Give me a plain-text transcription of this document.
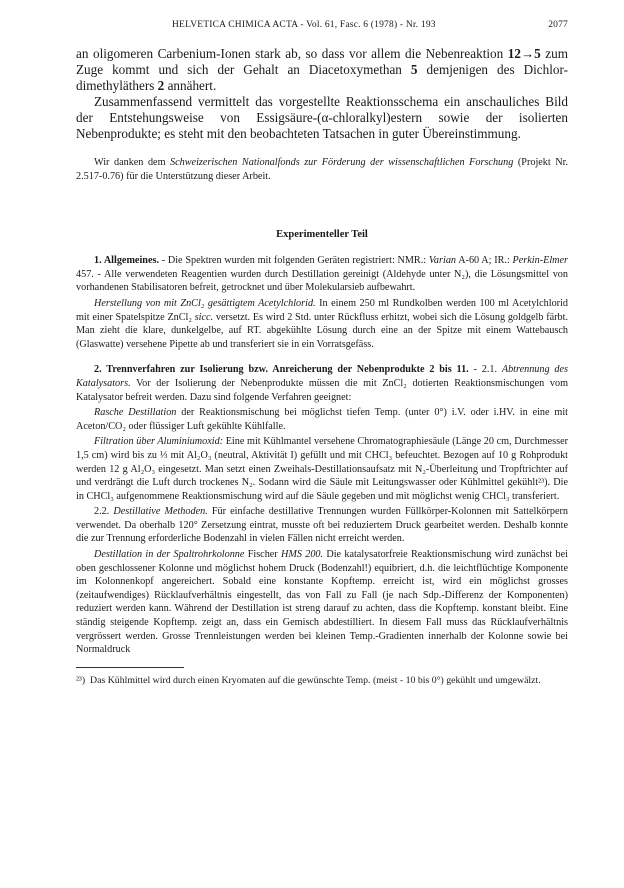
HELVETICA CHIMICA ACTA - Vol. 61, Fasc. 6 (1978) - Nr. 193	2077

an oligomeren Carbenium-Ionen stark ab, so dass vor allem die Nebenreaktion 12→5 zum Zuge kommt und sich der Gehalt an Diacetoxymethan 5 demjenigen des Dichlor-dimethyläthers 2 annähert.

Zusammenfassend vermittelt das vorgestellte Reaktionsschema ein anschauliches Bild der Entstehungsweise von Essigsäure-(α-chloralkyl)estern sowie der isolierten Nebenprodukte; es steht mit den beobachteten Tatsachen in guter Übereinstimmung.

Wir danken dem Schweizerischen Nationalfonds zur Förderung der wissenschaftlichen Forschung (Projekt Nr. 2.517-0.76) für die Unterstützung dieser Arbeit.

Experimenteller Teil

1. Allgemeines. - Die Spektren wurden mit folgenden Geräten registriert: NMR.: Varian A-60 A; IR.: Perkin-Elmer 457. - Alle verwendeten Reagentien wurden durch Destillation gereinigt (Aldehyde unter N₂), die Lösungsmittel von vorhandenen Stabilisatoren befreit, getrocknet und über Molekularsieb aufbewahrt.

Herstellung von mit ZnCl₂ gesättigtem Acetylchlorid. In einem 250 ml Rundkolben werden 100 ml Acetylchlorid mit einer Spatelspitze ZnCl₂ sicc. versetzt. Es wird 2 Std. unter Rückfluss erhitzt, wobei sich die Lösung goldgelb färbt. Man zieht die klare, dunkelgelbe, auf RT. abgekühlte Lösung durch eine an der Spitze mit einem Wattebausch (Glaswatte) versehene Pipette ab und transferiert sie in ein Vorratsgefäss.

2. Trennverfahren zur Isolierung bzw. Anreicherung der Nebenprodukte 2 bis 11. - 2.1. Abtrennung des Katalysators. Vor der Isolierung der Nebenprodukte müssen die mit ZnCl₂ dotierten Reaktionsmischungen vom Katalysator befreit werden. Dazu sind folgende Verfahren geeignet:

Rasche Destillation der Reaktionsmischung bei möglichst tiefen Temp. (unter 0°) i.V. oder i.HV. in eine mit Aceton/CO₂ oder flüssiger Luft gekühlte Kühlfalle.

Filtration über Aluminiumoxid: Eine mit Kühlmantel versehene Chromatographiesäule (Länge 20 cm, Durchmesser 1,5 cm) wird bis zu ⅓ mit Al₂O₃ (neutral, Aktivität I) gefüllt und mit CHCl₃ befeuchtet. Bezogen auf 10 g Rohprodukt werden 12 g Al₂O₃ eingesetzt. Man setzt einen Zweihals-Destillationsaufsatz mit N₂-Überleitung und Tropftrichter auf und verdrängt die Luft durch trockenes N₂. Sodann wird die Säule mit Leitungswasser oder Kühlmittel gekühlt²³). Die in CHCl₃ aufgenommene Reaktionsmischung wird auf die Säule gegeben und mit möglichst wenig CHCl₃ transferiert.

2.2. Destillative Methoden. Für einfache destillative Trennungen wurden Füllkörper-Kolonnen mit Sattelkörpern verwendet. Da oberhalb 120° Zersetzung eintrat, musste oft bei reduziertem Druck gearbeitet werden. Deshalb konnte die zur Trennung erforderliche Bodenzahl in vielen Fällen nicht erreicht werden.

Destillation in der Spaltrohrkolonne Fischer HMS 200. Die katalysatorfreie Reaktionsmischung wird zunächst bei oben geschlossener Kolonne und möglichst hohem Druck (Bodenzahl!) equibriert, d.h. die leichtflüchtige Komponente im Kolonnenkopf angereichert. Sobald eine konstante Kopftemp. erreicht ist, wird ein möglichst grosses (zeitaufwendiges) Rücklaufverhältnis eingestellt, das von Fall zu Fall (je nach Sdp.-Differenz der Komponenten) reduziert werden kann. Während der Destillation ist streng darauf zu achten, dass die Kopftemp. konstant bleibt. Eine ständig steigende Kopftemp. zeigt an, dass ein Gemisch abdestilliert. In diesem Fall muss das Rücklaufverhältnis vergrössert werden. Grosse Trennleistungen werden bei kleinen Temp.-Gradienten innerhalb der Kolonne sowie bei Normaldruck

²³) Das Kühlmittel wird durch einen Kryomaten auf die gewünschte Temp. (meist - 10 bis 0°) gekühlt und umgewälzt.
